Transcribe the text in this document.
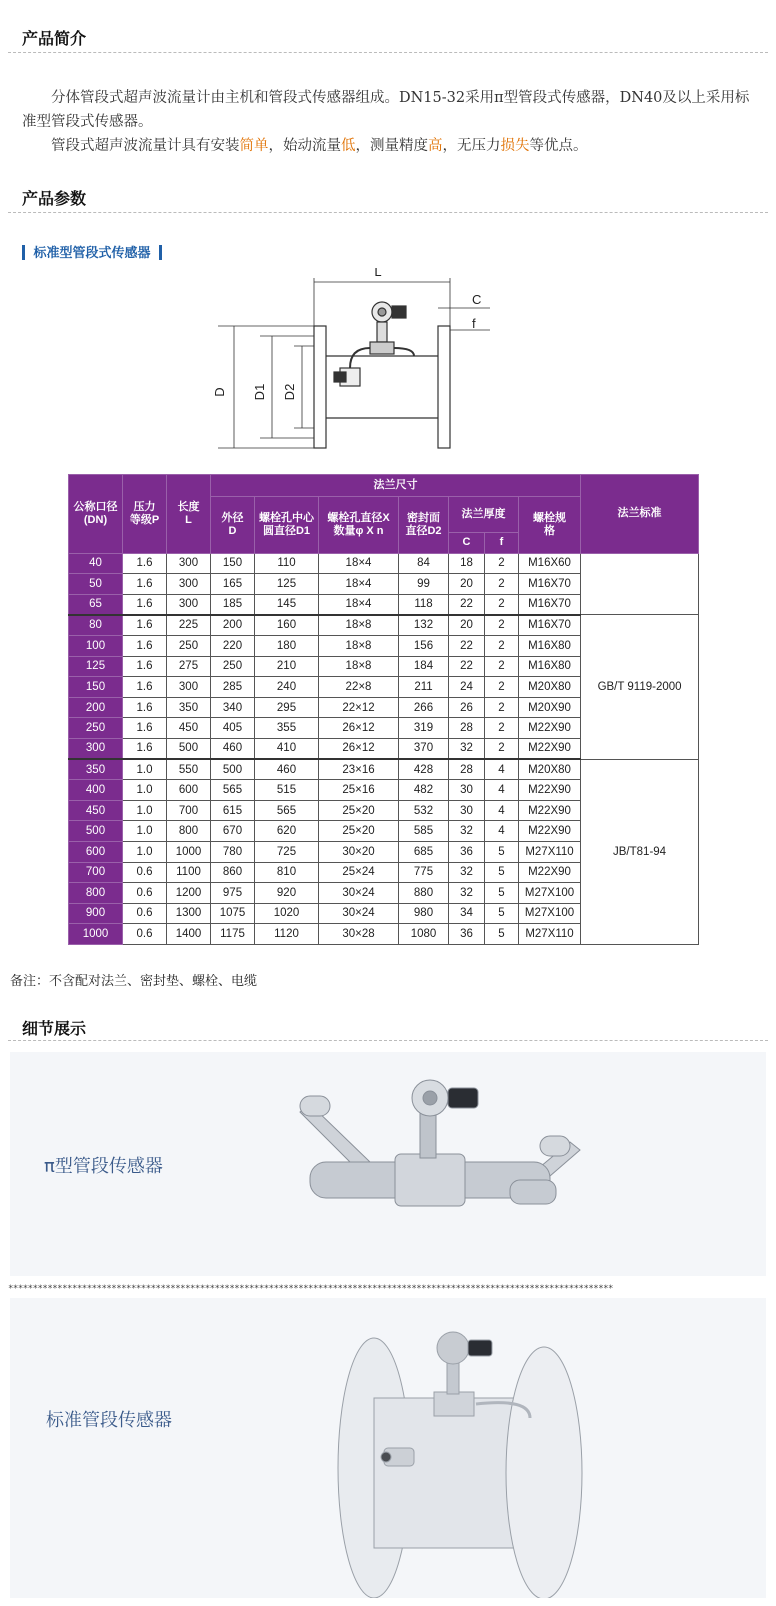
产品简介

分体管段式超声波流量计由主机和管段式传感器组成。DN15-32采用π型管段式传感器，DN40及以上采用标准型管段式传感器。

管段式超声波流量计具有安装简单，始动流量低，测量精度高，无压力损失等优点。

产品参数
标准型管段式传感器
L
C
f
D D1 D2
公称口径(DN)	压力等级P	长度L	法兰尺寸							法兰标准
			外径D	螺栓孔中心圆直径D1	螺栓孔直径X数量φ X n	密封面直径D2	法兰厚度		螺栓规格	
							C	f		
40	1.6	300	150	110	18×4	84	18	2	M16X60	
50	1.6	300	165	125	18×4	99	20	2	M16X70	
65	1.6	300	185	145	18×4	118	22	2	M16X70	
80	1.6	225	200	160	18×8	132	20	2	M16X70	GB/T 9119-2000
100	1.6	250	220	180	18×8	156	22	2	M16X80	
125	1.6	275	250	210	18×8	184	22	2	M16X80	
150	1.6	300	285	240	22×8	211	24	2	M20X80	
200	1.6	350	340	295	22×12	266	26	2	M20X90	
250	1.6	450	405	355	26×12	319	28	2	M22X90	
300	1.6	500	460	410	26×12	370	32	2	M22X90	
350	1.0	550	500	460	23×16	428	28	4	M20X80	JB/T81-94
400	1.0	600	565	515	25×16	482	30	4	M22X90	
450	1.0	700	615	565	25×20	532	30	4	M22X90	
500	1.0	800	670	620	25×20	585	32	4	M22X90	
600	1.0	1000	780	725	30×20	685	36	5	M27X110	
700	0.6	1100	860	810	25×24	775	32	5	M22X90	
800	0.6	1200	975	920	30×24	880	32	5	M27X100	
900	0.6	1300	1075	1020	30×24	980	34	5	M27X100	
1000	0.6	1400	1175	1120	30×28	1080	36	5	M27X110	
备注：不含配对法兰、密封垫、螺栓、电缆
细节展示
π型管段传感器
***************************************************************************************************************************
标准管段传感器
